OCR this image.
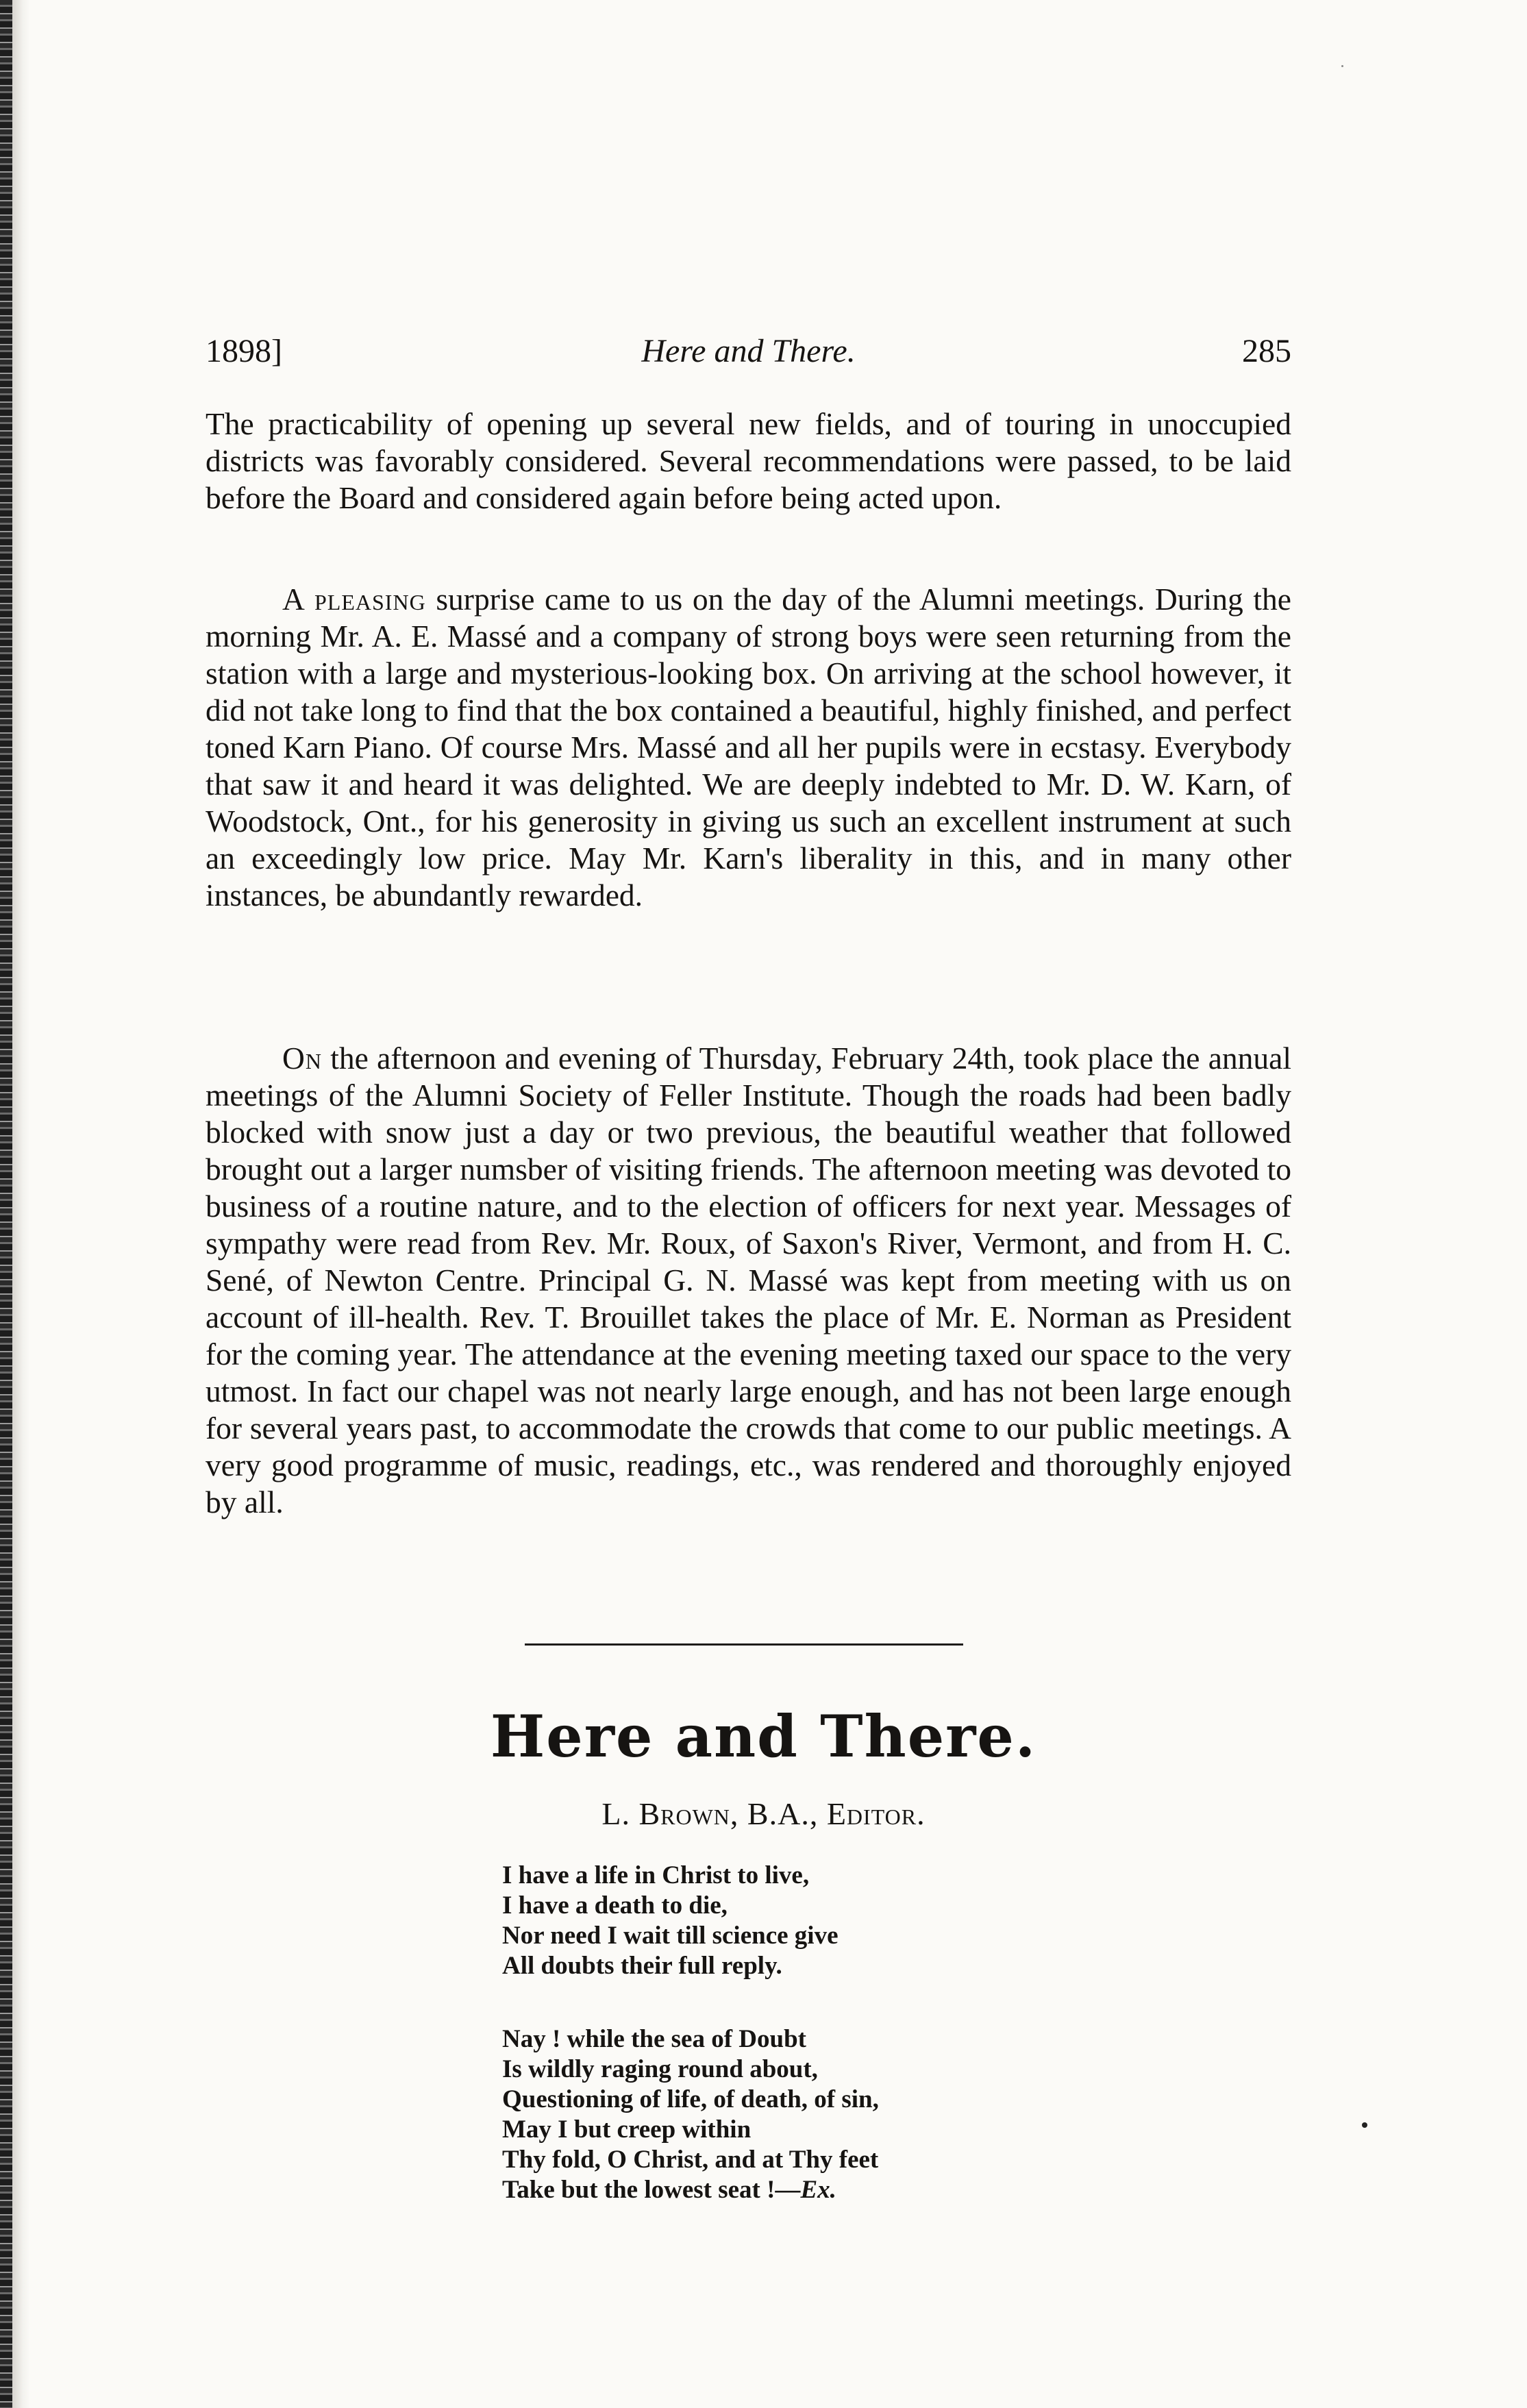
1898]	Here and There.	285

The practicability of opening up several new fields, and of touring in unoccupied districts was favorably considered. Several recommendations were passed, to be laid before the Board and considered again before being acted upon.

A pleasing surprise came to us on the day of the Alumni meetings. During the morning Mr. A. E. Massé and a company of strong boys were seen returning from the station with a large and mysterious-looking box. On arriving at the school however, it did not take long to find that the box contained a beautiful, highly finished, and perfect toned Karn Piano. Of course Mrs. Massé and all her pupils were in ecstasy. Everybody that saw it and heard it was delighted. We are deeply indebted to Mr. D. W. Karn, of Woodstock, Ont., for his generosity in giving us such an excellent instrument at such an exceedingly low price. May Mr. Karn's liberality in this, and in many other instances, be abundantly rewarded.

On the afternoon and evening of Thursday, February 24th, took place the annual meetings of the Alumni Society of Feller Institute. Though the roads had been badly blocked with snow just a day or two previous, the beautiful weather that followed brought out a larger numsber of visiting friends. The afternoon meeting was devoted to business of a routine nature, and to the election of officers for next year. Messages of sympathy were read from Rev. Mr. Roux, of Saxon's River, Vermont, and from H. C. Sené, of Newton Centre. Principal G. N. Massé was kept from meeting with us on account of ill-health. Rev. T. Brouillet takes the place of Mr. E. Norman as President for the coming year. The attendance at the evening meeting taxed our space to the very utmost. In fact our chapel was not nearly large enough, and has not been large enough for several years past, to accommodate the crowds that come to our public meetings. A very good programme of music, readings, etc., was rendered and thoroughly enjoyed by all.

Here and There.
L. Brown, B.A., Editor.
I have a life in Christ to live,
I have a death to die,
Nor need I wait till science give
All doubts their full reply.
Nay ! while the sea of Doubt
Is wildly raging round about,
Questioning of life, of death, of sin,
May I but creep within
Thy fold, O Christ, and at Thy feet
Take but the lowest seat !—Ex.
